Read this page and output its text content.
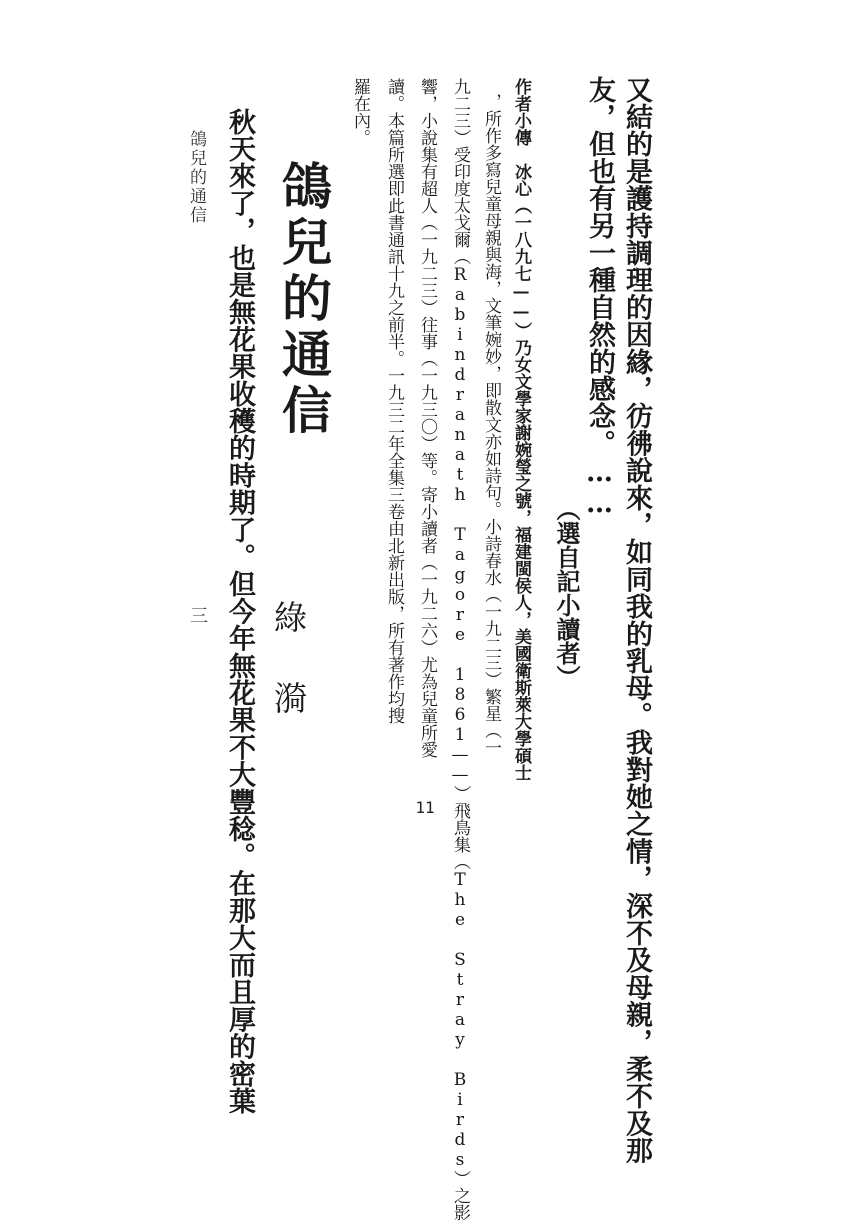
又結的是護持調理的因緣，彷彿說來，如同我的乳母。我對她之情，深不及母親，柔不及那
友，但也有另一種自然的感念。……
（選自記小讀者）
作者小傳　冰心（一八九七——）乃女文學家謝婉瑩之號，福建閩侯人，美國衛斯萊大學碩士
，所作多寫兒童母親與海，文筆婉妙，即散文亦如詩句。小詩春水（一九二三）繁星（一
九二三）受印度太戈爾（Rabindranath Tagore 1861——）飛鳥集（The Stray Birds）之影
響，小說集有超人（一九二三）往事（一九三〇）等。寄小讀者（一九二六）尤為兒童所愛
讀。本篇所選即此書通訊十九之前半。一九三二年全集三卷由北新出版，所有著作均搜
羅在內。
鴿兒的通信
綠漪
秋天來了，也是無花果收穫的時期了。但今年無花果不大豐稔。在那大而且厚的密葉
鴿兒的通信
三
11
